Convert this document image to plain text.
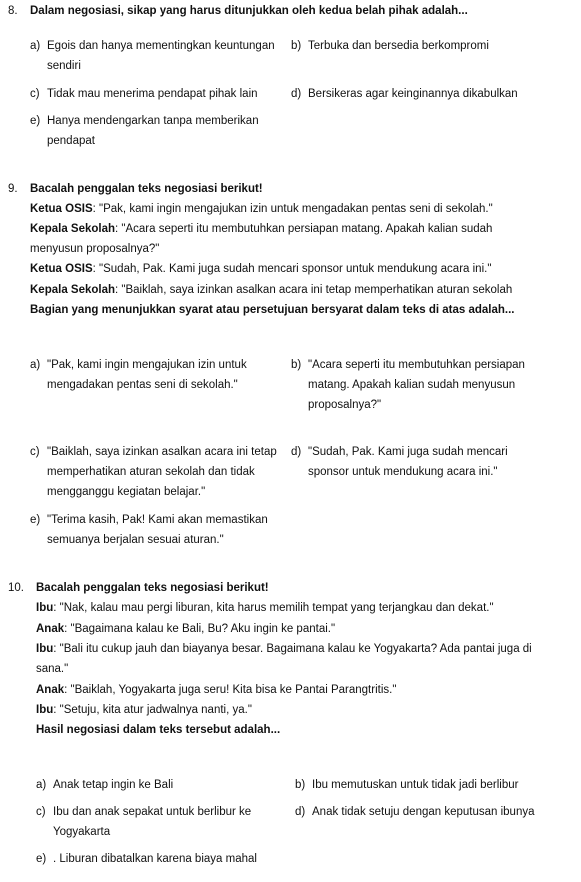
8. Dalam negosiasi, sikap yang harus ditunjukkan oleh kedua belah pihak adalah...
a) Egois dan hanya mementingkan keuntungan
sendiri
b) Terbuka dan bersedia berkompromi
c) Tidak mau menerima pendapat pihak lain	d) Bersikeras agar keinginannya dikabulkan
e) Hanya mendengarkan tanpa memberikan
pendapat
9. Bacalah penggalan teks negosiasi berikut!
Ketua OSIS: "Pak, kami ingin mengajukan izin untuk mengadakan pentas seni di sekolah."
Kepala Sekolah: "Acara seperti itu membutuhkan persiapan matang. Apakah kalian sudah
menyusun proposalnya?"
Ketua OSIS: "Sudah, Pak. Kami juga sudah mencari sponsor untuk mendukung acara ini."
Kepala Sekolah: "Baiklah, saya izinkan asalkan acara ini tetap memperhatikan aturan sekolah
Bagian yang menunjukkan syarat atau persetujuan bersyarat dalam teks di atas adalah...
a) "Pak, kami ingin mengajukan izin untuk
mengadakan pentas seni di sekolah."
b) "Acara seperti itu membutuhkan persiapan
matang. Apakah kalian sudah menyusun
proposalnya?"
c) "Baiklah, saya izinkan asalkan acara ini tetap
memperhatikan aturan sekolah dan tidak
mengganggu kegiatan belajar."
d) "Sudah, Pak. Kami juga sudah mencari
sponsor untuk mendukung acara ini."
e) "Terima kasih, Pak! Kami akan memastikan
semuanya berjalan sesuai aturan."
10. Bacalah penggalan teks negosiasi berikut!
Ibu: "Nak, kalau mau pergi liburan, kita harus memilih tempat yang terjangkau dan dekat."
Anak: "Bagaimana kalau ke Bali, Bu? Aku ingin ke pantai."
Ibu: "Bali itu cukup jauh dan biayanya besar. Bagaimana kalau ke Yogyakarta? Ada pantai juga di
sana."
Anak: "Baiklah, Yogyakarta juga seru! Kita bisa ke Pantai Parangtritis."
Ibu: "Setuju, kita atur jadwalnya nanti, ya."
Hasil negosiasi dalam teks tersebut adalah...
a) Anak tetap ingin ke Bali	b) Ibu memutuskan untuk tidak jadi berlibur
c) Ibu dan anak sepakat untuk berlibur ke
Yogyakarta
d) Anak tidak setuju dengan keputusan ibunya
e) . Liburan dibatalkan karena biaya mahal
